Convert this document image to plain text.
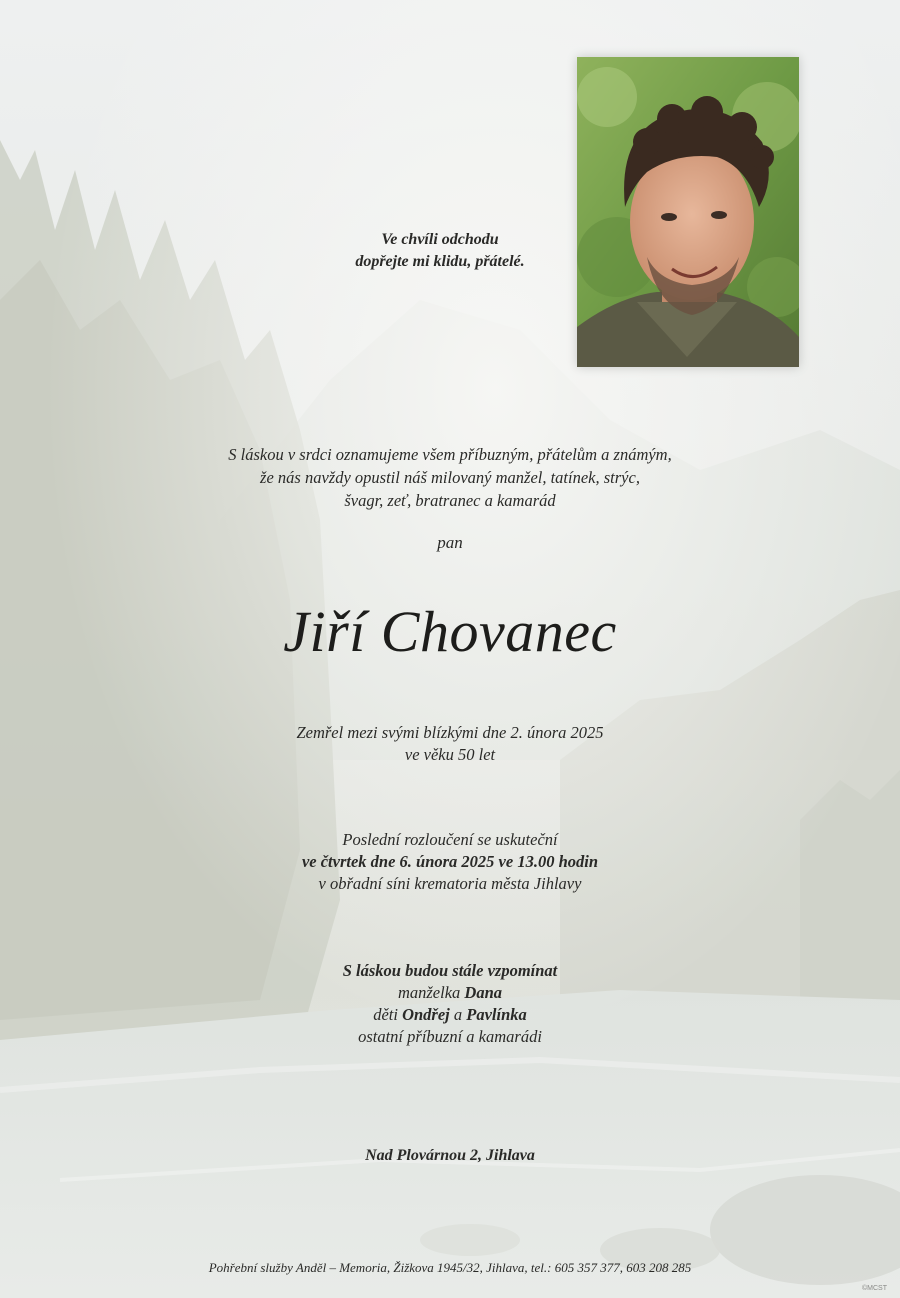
Ve chvíli odchodu
dopřejte mi klidu, přátelé.
S láskou v srdci oznamujeme všem příbuzným, přátelům a známým,
že nás navždy opustil náš milovaný manžel, tatínek, strýc,
švagr, zeť, bratranec a kamarád
pan
Jiří Chovanec
Zemřel mezi svými blízkými dne 2. února 2025
ve věku 50 let
Poslední rozloučení se uskuteční
ve čtvrtek dne 6. února 2025 ve 13.00 hodin
v obřadní síni krematoria města Jihlavy
S láskou budou stále vzpomínat
manželka Dana
děti Ondřej a Pavlínka
ostatní příbuzní a kamarádi
Nad Plovárnou 2, Jihlava
Pohřební služby Anděl – Memoria, Žižkova 1945/32, Jihlava, tel.: 605 357 377, 603 208 285
©MCST
